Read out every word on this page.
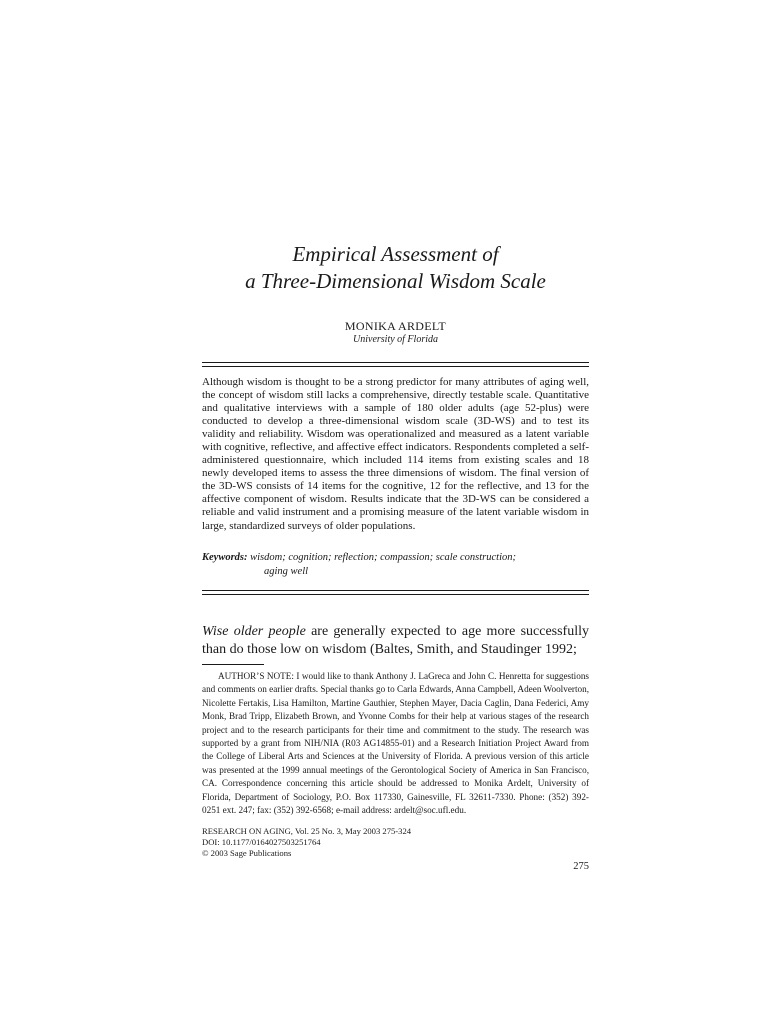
Empirical Assessment of
a Three-Dimensional Wisdom Scale
MONIKA ARDELT
University of Florida

Although wisdom is thought to be a strong predictor for many attributes of aging well, the concept of wisdom still lacks a comprehensive, directly testable scale. Quantitative and qualitative interviews with a sample of 180 older adults (age 52-plus) were conducted to develop a three-dimensional wisdom scale (3D-WS) and to test its validity and reliability. Wisdom was operationalized and measured as a latent variable with cognitive, reflective, and affective effect indicators. Respondents completed a self-administered questionnaire, which included 114 items from existing scales and 18 newly developed items to assess the three dimensions of wisdom. The final version of the 3D-WS consists of 14 items for the cognitive, 12 for the reflective, and 13 for the affective component of wisdom. Results indicate that the 3D-WS can be considered a reliable and valid instrument and a promising measure of the latent variable wisdom in large, standardized surveys of older populations.

Keywords: wisdom; cognition; reflection; compassion; scale construction;
aging well

Wise older people are generally expected to age more successfully than do those low on wisdom (Baltes, Smith, and Staudinger 1992;

AUTHOR’S NOTE: I would like to thank Anthony J. LaGreca and John C. Henretta for suggestions and comments on earlier drafts. Special thanks go to Carla Edwards, Anna Campbell, Adeen Woolverton, Nicolette Fertakis, Lisa Hamilton, Martine Gauthier, Stephen Mayer, Dacia Caglin, Dana Federici, Amy Monk, Brad Tripp, Elizabeth Brown, and Yvonne Combs for their help at various stages of the research project and to the research participants for their time and commitment to the study. The research was supported by a grant from NIH/NIA (R03 AG14855-01) and a Research Initiation Project Award from the College of Liberal Arts and Sciences at the University of Florida. A previous version of this article was presented at the 1999 annual meetings of the Gerontological Society of America in San Francisco, CA. Correspondence concerning this article should be addressed to Monika Ardelt, University of Florida, Department of Sociology, P.O. Box 117330, Gainesville, FL 32611-7330. Phone: (352) 392-0251 ext. 247; fax: (352) 392-6568; e-mail address: ardelt@soc.ufl.edu.

RESEARCH ON AGING, Vol. 25 No. 3, May 2003 275-324
DOI: 10.1177/0164027503251764
© 2003 Sage Publications
275
